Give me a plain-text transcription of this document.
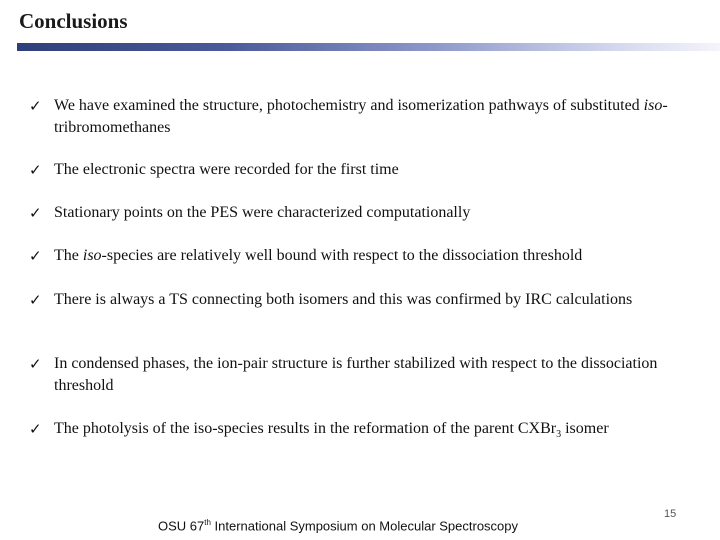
Conclusions
✓ We have examined the structure, photochemistry and isomerization pathways of substituted iso-tribromomethanes
✓ The electronic spectra were recorded for the first time
✓ Stationary points on the PES were characterized computationally
✓ The iso-species are relatively well bound with respect to the dissociation threshold
✓ There is always a TS connecting both isomers and this was confirmed by IRC calculations
✓ In condensed phases, the ion-pair structure is further stabilized with respect to the dissociation threshold
✓ The photolysis of the iso-species results in the reformation of the parent CXBr$_3$ isomer
OSU 67th International Symposium on Molecular Spectroscopy
15
